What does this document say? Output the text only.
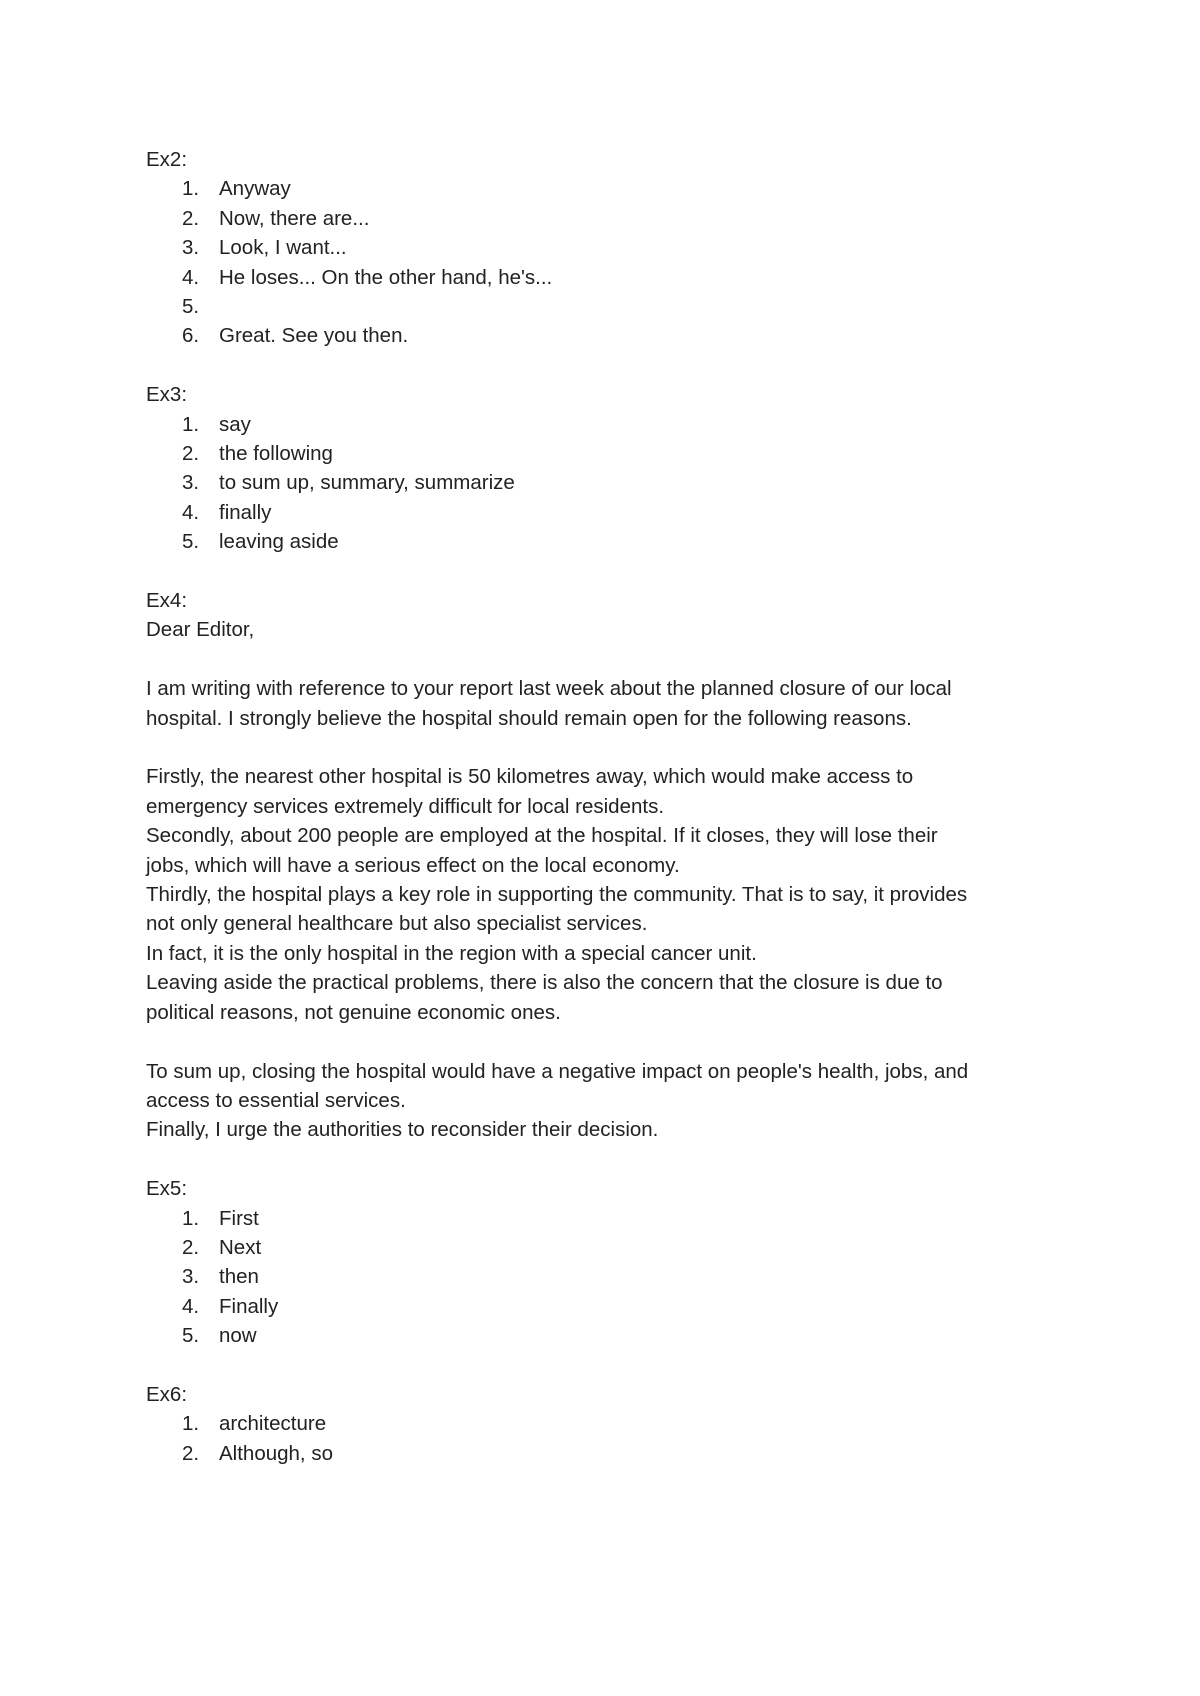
Ex2:

1. Anyway
2. Now, there are...
3. Look, I want...
4. He loses... On the other hand, he's...
5.
6. Great. See you then.

Ex3:

1. say
2. the following
3. to sum up, summary, summarize
4. finally
5. leaving aside

Ex4:

Dear Editor,

I am writing with reference to your report last week about the planned closure of our local

hospital. I strongly believe the hospital should remain open for the following reasons.

Firstly, the nearest other hospital is 50 kilometres away, which would make access to

emergency services extremely difficult for local residents.

Secondly, about 200 people are employed at the hospital. If it closes, they will lose their

jobs, which will have a serious effect on the local economy.

Thirdly, the hospital plays a key role in supporting the community. That is to say, it provides

not only general healthcare but also specialist services.

In fact, it is the only hospital in the region with a special cancer unit.

Leaving aside the practical problems, there is also the concern that the closure is due to

political reasons, not genuine economic ones.

To sum up, closing the hospital would have a negative impact on people's health, jobs, and

access to essential services.

Finally, I urge the authorities to reconsider their decision.

Ex5:

1. First
2. Next
3. then
4. Finally
5. now

Ex6:

1. architecture
2. Although, so
